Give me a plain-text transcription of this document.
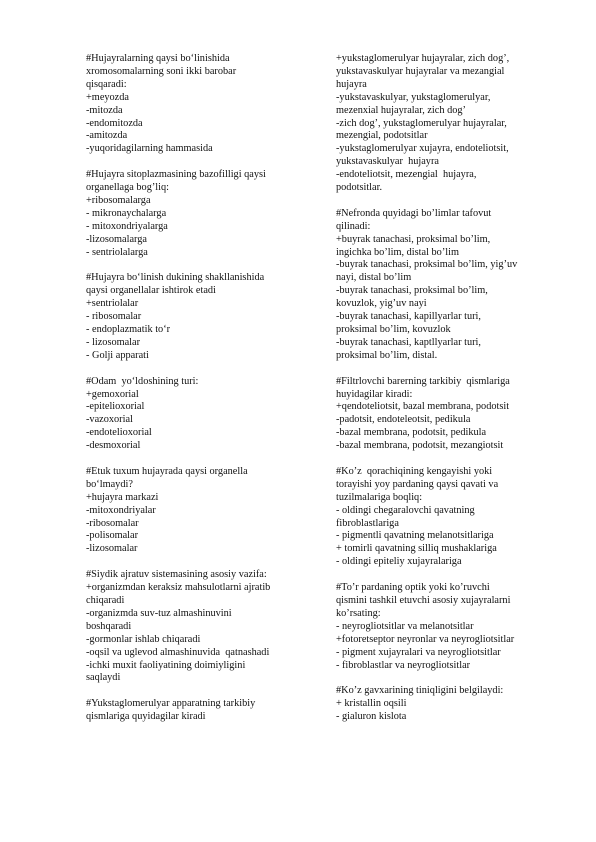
#Hujayralarning qaysi bo‘linishida
xromosomalarning soni ikki barobar
qisqaradi:
+meyozda
-mitozda
-endomitozda
-amitozda
-yuqoridagilarning hammasida
#Hujayra sitoplazmasining bazofilligi qaysi
organellaga bog’liq:
+ribosomalarga
- mikronaychalarga
- mitoxondriyalarga
-lizosomalarga
- sentriolalarga
#Hujayra bo‘linish dukining shakllanishida
qaysi organellalar ishtirok etadi
+sentriolalar
- ribosomalar
- endoplazmatik to‘r
- lizosomalar
- Golji apparati
#Odam  yo‘ldoshining turi:
+gemoxorial
-epitelioxorial
-vazoxorial
-endotelioxorial
-desmoxorial
#Etuk tuxum hujayrada qaysi organella
bo‘lmaydi?
+hujayra markazi
-mitoxondriyalar
-ribosomalar
-polisomalar
-lizosomalar
#Siydik ajratuv sistemasining asosiy vazifa:
+organizmdan keraksiz mahsulotlarni ajratib
chiqaradi
-organizmda suv-tuz almashinuvini
boshqaradi
-gormonlar ishlab chiqaradi
-oqsil va uglevod almashinuvida  qatnashadi
-ichki muxit faoliyatining doimiyligini
saqlaydi
#Yukstaglomerulyar apparatning tarkibiy
qismlariga quyidagilar kiradi
+yukstaglomerulyar hujayralar, zich dog’,
yukstavaskulyar hujayralar va mezangial
hujayra
-yukstavaskulyar, yukstaglomerulyar,
mezenxial hujayralar, zich dog’
-zich dog’, yukstaglomerulyar hujayralar,
mezengial, podotsitlar
-yukstaglomerulyar xujayra, endoteliotsit,
yukstavaskulyar  hujayra
-endoteliotsit, mezengial  hujayra,
podotsitlar.
#Nefronda quyidagi bo’limlar tafovut
qilinadi:
+buyrak tanachasi, proksimal bo’lim,
ingichka bo’lim, distal bo’lim
-buyrak tanachasi, proksimal bo’lim, yig’uv
nayi, distal bo’lim
-buyrak tanachasi, proksimal bo’lim,
kovuzlok, yig’uv nayi
-buyrak tanachasi, kapillyarlar turi,
proksimal bo’lim, kovuzlok
-buyrak tanachasi, kaptllyarlar turi,
proksimal bo’lim, distal.
#Filtrlovchi barerning tarkibiy  qismlariga
huyidagilar kiradi:
+qendoteliotsit, bazal membrana, podotsit
-padotsit, endoteleotsit, pedikula
-bazal membrana, podotsit, pedikula
-bazal membrana, podotsit, mezangiotsit
#Ko’z  qorachiqining kengayishi yoki
torayishi yoy pardaning qaysi qavati va
tuzilmalariga boqliq:
- oldingi chegaralovchi qavatning
fibroblastlariga
- pigmentli qavatning melanotsitlariga
+ tomirli qavatning silliq mushaklariga
- oldingi epiteliy xujayralariga
#To’r pardaning optik yoki ko’ruvchi
qismini tashkil etuvchi asosiy xujayralarni
ko’rsating:
- neyrogliotsitlar va melanotsitlar
+fotoretseptor neyronlar va neyrogliotsitlar
- pigment xujayralari va neyrogliotsitlar
- fibroblastlar va neyrogliotsitlar
#Ko’z gavxarining tiniqligini belgilaydi:
+ kristallin oqsili
- gialuron kislota
